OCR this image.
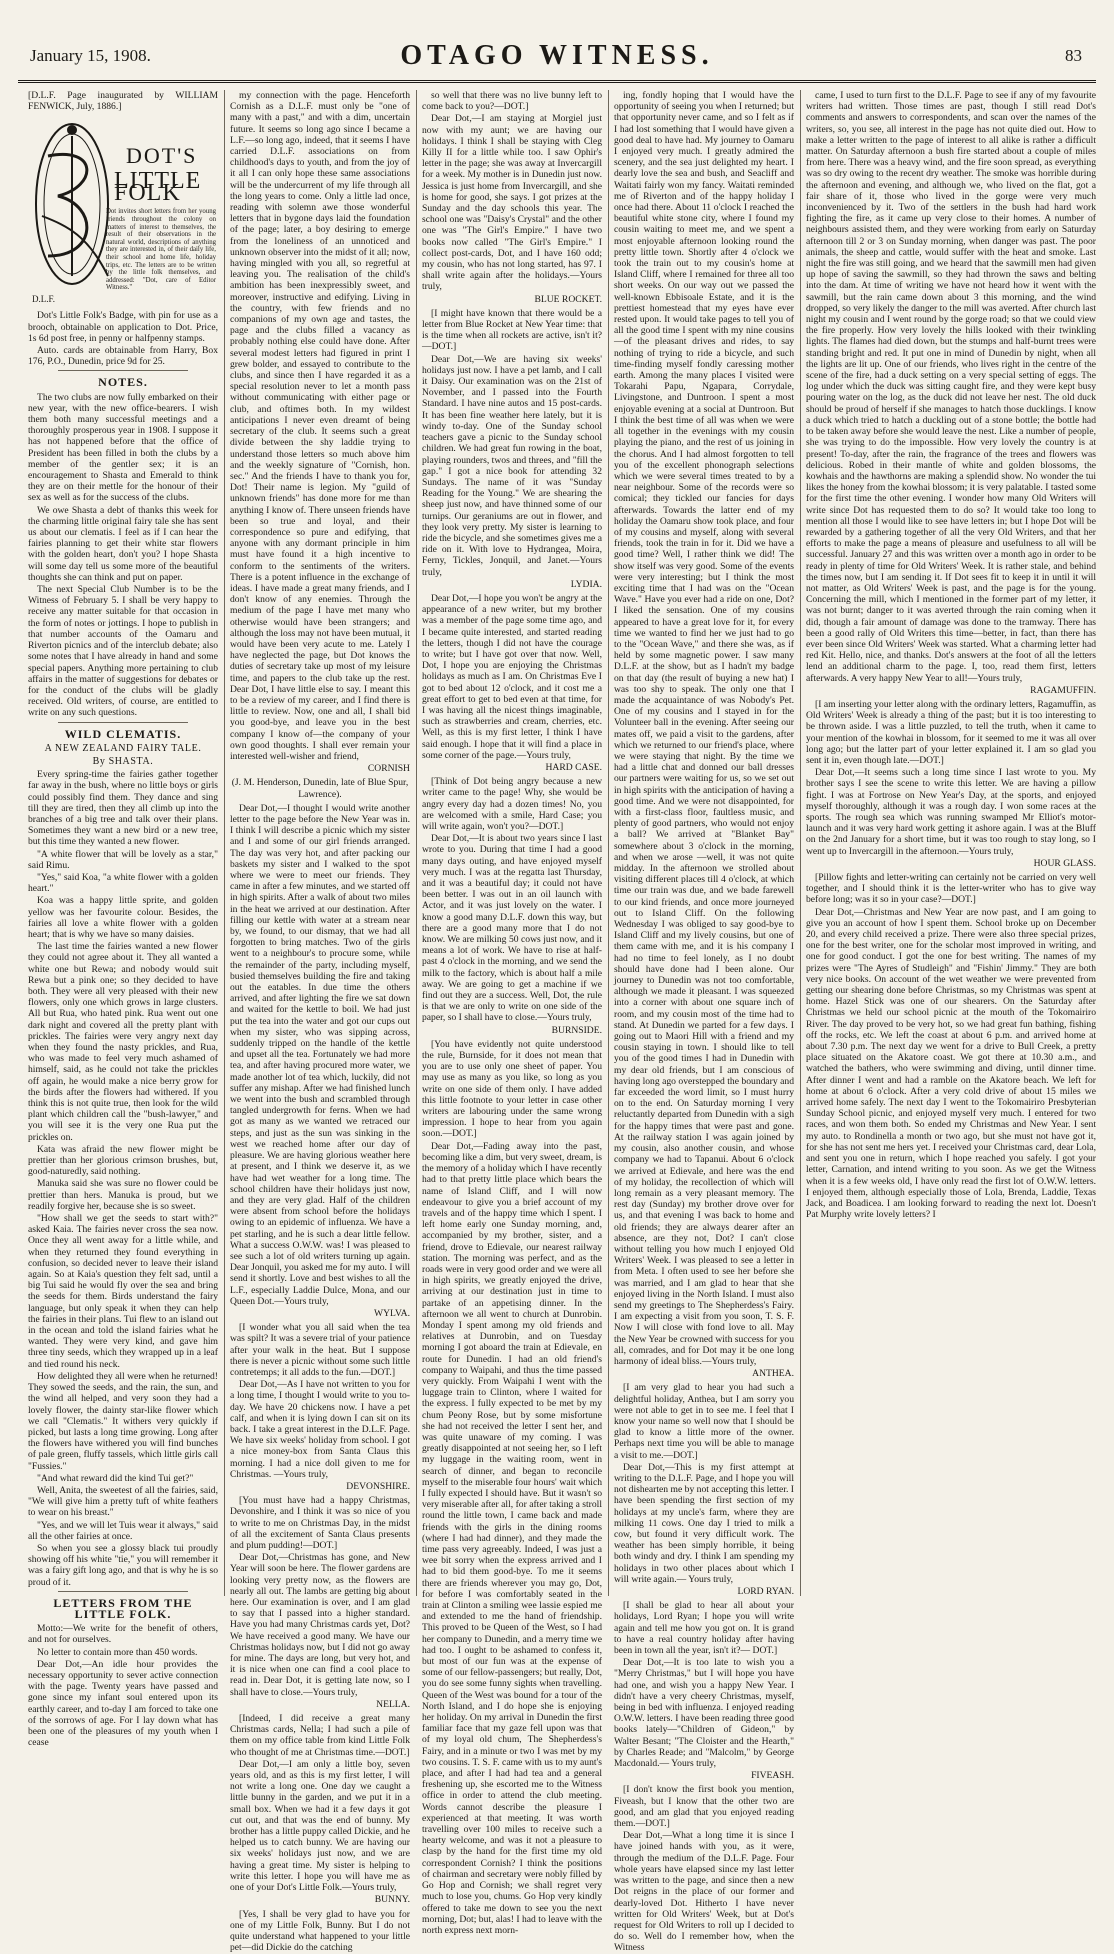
January 15, 1908.	OTAGO WITNESS.	83

[D.L.F. Page inaugurated by WILLIAM FENWICK, July, 1886.]

DOT'S
LITTLE FOLK
Dot invites short letters from her young friends throughout the colony on matters of interest to themselves, the result of their observations in the natural world, descriptions of anything they are interested in, of their daily life, their school and home life, holiday trips, etc. The letters are to be written by the little folk themselves, and addressed: "Dot, care of Editor Witness."
D.L.F.

Dot's Little Folk's Badge, with pin for use as a brooch, obtainable on application to Dot. Price, 1s 6d post free, in penny or halfpenny stamps.

Auto. cards are obtainable from Harry, Box 176, P.O., Dunedin, price 9d for 25.

NOTES.

The two clubs are now fully embarked on their new year, with the new office-bearers. I wish them both many successful meetings and a thoroughly prosperous year in 1908. I suppose it has not happened before that the office of President has been filled in both the clubs by a member of the gentler sex; it is an encouragement to Shasta and Emerald to think they are on their mettle for the honour of their sex as well as for the success of the clubs.

We owe Shasta a debt of thanks this week for the charming little original fairy tale she has sent us about our clematis. I feel as if I can hear the fairies planning to get their white star flowers with the golden heart, don't you? I hope Shasta will some day tell us some more of the beautiful thoughts she can think and put on paper.

The next Special Club Number is to be the Witness of February 5. I shall be very happy to receive any matter suitable for that occasion in the form of notes or jottings. I hope to publish in that number accounts of the Oamaru and Riverton picnics and of the interclub debate; also some notes that I have already in hand and some special papers. Anything more pertaining to club affairs in the matter of suggestions for debates or for the conduct of the clubs will be gladly received. Old writers, of course, are entitled to write on any such questions.

WILD CLEMATIS.
A NEW ZEALAND FAIRY TALE.
By SHASTA.

Every spring-time the fairies gather together far away in the bush, where no little boys or girls could possibly find them. They dance and sing till they are tired, then they all climb up into the branches of a big tree and talk over their plans. Sometimes they want a new bird or a new tree, but this time they wanted a new flower.

"A white flower that will be lovely as a star," said Rimu.

"Yes," said Koa, "a white flower with a golden heart."

Koa was a happy little sprite, and golden yellow was her favourite colour. Besides, the fairies all love a white flower with a golden heart; that is why we have so many daisies.

The last time the fairies wanted a new flower they could not agree about it. They all wanted a white one but Rewa; and nobody would suit Rewa but a pink one; so they decided to have both. They were all very pleased with their new flowers, only one which grows in large clusters. All but Rua, who hated pink. Rua went out one dark night and covered all the pretty plant with prickles. The fairies were very angry next day when they found the nasty prickles, and Rua, who was made to feel very much ashamed of himself, said, as he could not take the prickles off again, he would make a nice berry grow for the birds after the flowers had withered. If you think this is not quite true, then look for the wild plant which children call the "bush-lawyer," and you will see it is the very one Rua put the prickles on.

Kata was afraid the new flower might be prettier than her glorious crimson brushes, but, good-naturedly, said nothing.

Manuka said she was sure no flower could be prettier than hers. Manuka is proud, but we readily forgive her, because she is so sweet.

"How shall we get the seeds to start with?" asked Kaia. The fairies never cross the sea now. Once they all went away for a little while, and when they returned they found everything in confusion, so decided never to leave their island again. So at Kaia's question they felt sad, until a big Tui said he would fly over the sea and bring the seeds for them. Birds understand the fairy language, but only speak it when they can help the fairies in their plans. Tui flew to an island out in the ocean and told the island fairies what he wanted. They were very kind, and gave him three tiny seeds, which they wrapped up in a leaf and tied round his neck.

How delighted they all were when he returned! They sowed the seeds, and the rain, the sun, and the wind all helped, and very soon they had a lovely flower, the dainty star-like flower which we call "Clematis." It withers very quickly if picked, but lasts a long time growing. Long after the flowers have withered you will find bunches of pale green, fluffy tassels, which little girls call "Fussies."

"And what reward did the kind Tui get?"

Well, Anita, the sweetest of all the fairies, said, "We will give him a pretty tuft of white feathers to wear on his breast."

"Yes, and we will let Tuis wear it always," said all the other fairies at once.

So when you see a glossy black tui proudly showing off his white "tie," you will remember it was a fairy gift long ago, and that is why he is so proud of it.

LETTERS FROM THE LITTLE FOLK.

Motto:—We write for the benefit of others, and not for ourselves.

No letter to contain more than 450 words.

Dear Dot,—An idle hour provides the necessary opportunity to sever active connection with the page. Twenty years have passed and gone since my infant soul entered upon its earthly career, and to-day I am forced to take one of the sorrows of age. For I lay down what has been one of the pleasures of my youth when I cease

my connection with the page. Henceforth Cornish as a D.L.F. must only be "one of many with a past," and with a dim, uncertain future. It seems so long ago since I became a L.F.—so long ago, indeed, that it seems I have carried D.L.F. associations on from childhood's days to youth, and from the joy of it all I can only hope these same associations will be the undercurrent of my life through all the long years to come. Only a little lad once, reading with solemn awe those wonderful letters that in bygone days laid the foundation of the page; later, a boy desiring to emerge from the loneliness of an unnoticed and unknown observer into the midst of it all; now, having mingled with you all, so regretful at leaving you. The realisation of the child's ambition has been inexpressibly sweet, and moreover, instructive and edifying. Living in the country, with few friends and no companions of my own age and tastes, the page and the clubs filled a vacancy as probably nothing else could have done. After several modest letters had figured in print I grew bolder, and essayed to contribute to the clubs, and since then I have regarded it as a special resolution never to let a month pass without communicating with either page or club, and oftimes both. In my wildest anticipations I never even dreamt of being secretary of the club. It seems such a great divide between the shy laddie trying to understand those letters so much above him and the weekly signature of "Cornish, hon. sec." And the friends I have to thank you for, Dot! Their name is legion. My "guild of unknown friends" has done more for me than anything I know of. There unseen friends have been so true and loyal, and their correspondence so pure and edifying, that anyone with any dormant principle in him must have found it a high incentive to conform to the sentiments of the writers. There is a potent influence in the exchange of ideas. I have made a great many friends, and I don't know of any enemies. Through the medium of the page I have met many who otherwise would have been strangers; and although the loss may not have been mutual, it would have been very acute to me. Lately I have neglected the page, but Dot knows the duties of secretary take up most of my leisure time, and papers to the club take up the rest. Dear Dot, I have little else to say. I meant this to be a review of my career, and I find there is little to review. Now, one and all, I shall bid you good-bye, and leave you in the best company I know of—the company of your own good thoughts. I shall ever remain your interested well-wisher and friend,

CORNISH
(J. M. Henderson, Dunedin, late of Blue Spur, Lawrence).

Dear Dot,—I thought I would write another letter to the page before the New Year was in. I think I will describe a picnic which my sister and I and some of our girl friends arranged. The day was very hot, and after packing our baskets my sister and I walked to the spot where we were to meet our friends. They came in after a few minutes, and we started off in high spirits. After a walk of about two miles in the heat we arrived at our destination. After filling our kettle with water at a stream near by, we found, to our dismay, that we had all forgotten to bring matches. Two of the girls went to a neighbour's to procure some, while the remainder of the party, including myself, busied themselves building the fire and taking out the eatables. In due time the others arrived, and after lighting the fire we sat down and waited for the kettle to boil. We had just put the tea into the water and got our cups out when my sister, who was sipping across, suddenly tripped on the handle of the kettle and upset all the tea. Fortunately we had more tea, and after having procured more water, we made another lot of tea which, luckily, did not suffer any mishap. After we had finished lunch we went into the bush and scrambled through tangled undergrowth for ferns. When we had got as many as we wanted we retraced our steps, and just as the sun was sinking in the west we reached home after our day of pleasure. We are having glorious weather here at present, and I think we deserve it, as we have had wet weather for a long time. The school children have their holidays just now, and they are very glad. Half of the children were absent from school before the holidays owing to an epidemic of influenza. We have a pet starling, and he is such a dear little fellow. What a success O.W.W. was! I was pleased to see such a lot of old writers turning up again. Dear Jonquil, you asked me for my auto. I will send it shortly. Love and best wishes to all the L.F., especially Laddie Dulce, Mona, and our Queen Dot.—Yours truly,

WYLVA.

[I wonder what you all said when the tea was spilt? It was a severe trial of your patience after your walk in the heat. But I suppose there is never a picnic without some such little contretemps; it all adds to the fun.—DOT.]

Dear Dot,—As I have not written to you for a long time, I thought I would write to you to-day. We have 20 chickens now. I have a pet calf, and when it is lying down I can sit on its back. I take a great interest in the D.L.F. Page. We have six weeks' holiday from school. I got a nice money-box from Santa Claus this morning. I had a nice doll given to me for Christmas. —Yours truly,

DEVONSHIRE.

[You must have had a happy Christmas, Devonshire, and I think it was so nice of you to write to me on Christmas Day, in the midst of all the excitement of Santa Claus presents and plum pudding!—DOT.]

Dear Dot,—Christmas has gone, and New Year will soon be here. The flower gardens are looking very pretty now, as the flowers are nearly all out. The lambs are getting big about here. Our examination is over, and I am glad to say that I passed into a higher standard. Have you had many Christmas cards yet, Dot? We have received a good many. We have our Christmas holidays now, but I did not go away for mine. The days are long, but very hot, and it is nice when one can find a cool place to read in. Dear Dot, it is getting late now, so I shall have to close.—Yours truly,

NELLA.

[Indeed, I did receive a great many Christmas cards, Nella; I had such a pile of them on my office table from kind Little Folk who thought of me at Christmas time.—DOT.]

Dear Dot,—I am only a little boy, seven years old, and as this is my first letter, I will not write a long one. One day we caught a little bunny in the garden, and we put it in a small box. When we had it a few days it got cut out, and that was the end of bunny. My brother has a little puppy called Dickie, and he helped us to catch bunny. We are having our six weeks' holidays just now, and we are having a great time. My sister is helping to write this letter. I hope you will have me as one of your Dot's Little Folk.—Yours truly,

BUNNY.

[Yes, I shall be very glad to have you for one of my Little Folk, Bunny. But I do not quite understand what happened to your little pet—did Dickie do the catching

so well that there was no live bunny left to come back to you?—DOT.]

Dear Dot,—I am staying at Morgiel just now with my aunt; we are having our holidays. I think I shall be staying with Cleg Killy II for a little while too. I saw Ophir's letter in the page; she was away at Invercargill for a week. My mother is in Dunedin just now. Jessica is just home from Invercargill, and she is home for good, she says. I got prizes at the Sunday and the day schools this year. The school one was "Daisy's Crystal" and the other one was "The Girl's Empire." I have two books now called "The Girl's Empire." I collect post-cards, Dot, and I have 160 odd; my cousin, who has not long started, has 97. I shall write again after the holidays.—Yours truly,

BLUE ROCKET.

[I might have known that there would be a letter from Blue Rocket at New Year time: that is the time when all rockets are active, isn't it?—DOT.]

Dear Dot,—We are having six weeks' holidays just now. I have a pet lamb, and I call it Daisy. Our examination was on the 21st of November, and I passed into the Fourth Standard. I have nine autos and 15 post-cards. It has been fine weather here lately, but it is windy to-day. One of the Sunday school teachers gave a picnic to the Sunday school children. We had great fun rowing in the boat, playing rounders, twos and threes, and "fill the gap." I got a nice book for attending 32 Sundays. The name of it was "Sunday Reading for the Young." We are shearing the sheep just now, and have thinned some of our turnips. Our geraniums are out in flower, and they look very pretty. My sister is learning to ride the bicycle, and she sometimes gives me a ride on it. With love to Hydrangea, Moira, Ferny, Tickles, Jonquil, and Janet.—Yours truly,

LYDIA.

Dear Dot,—I hope you won't be angry at the appearance of a new writer, but my brother was a member of the page some time ago, and I became quite interested, and started reading the letters, though I did not have the courage to write; but I have got over that now. Well, Dot, I hope you are enjoying the Christmas holidays as much as I am. On Christmas Eve I got to bed about 12 o'clock, and it cost me a great effort to get to bed even at that time, for I was having all the nicest things imaginable, such as strawberries and cream, cherries, etc. Well, as this is my first letter, I think I have said enough. I hope that it will find a place in some corner of the page.—Yours truly,

HARD CASE.

[Think of Dot being angry because a new writer came to the page! Why, she would be angry every day had a dozen times! No, you are welcomed with a smile, Hard Case; you will write again, won't you?—DOT.]

Dear Dot,—It is about two years since I last wrote to you. During that time I had a good many days outing, and have enjoyed myself very much. I was at the regatta last Thursday, and it was a beautiful day; it could not have been better. I was out in an oil launch with Actor, and it was just lovely on the water. I know a good many D.L.F. down this way, but there are a good many more that I do not know. We are milking 50 cows just now, and it means a lot of work. We have to rise at half-past 4 o'clock in the morning, and we send the milk to the factory, which is about half a mile away. We are going to get a machine if we find out they are a success. Well, Dot, the rule is that we are only to write on one side of the paper, so I shall have to close.—Yours truly,

BURNSIDE.

[You have evidently not quite understood the rule, Burnside, for it does not mean that you are to use only one sheet of paper. You may use as many as you like, so long as you write on one side of them only. I have added this little footnote to your letter in case other writers are labouring under the same wrong impression. I hope to hear from you again soon.—DOT.]

Dear Dot,—Fading away into the past, becoming like a dim, but very sweet, dream, is the memory of a holiday which I have recently had to that pretty little place which bears the name of Island Cliff, and I will now endeavour to give you a brief account of my travels and of the happy time which I spent. I left home early one Sunday morning, and, accompanied by my brother, sister, and a friend, drove to Edievale, our nearest railway station. The morning was perfect, and as the roads were in very good order and we were all in high spirits, we greatly enjoyed the drive, arriving at our destination just in time to partake of an appetising dinner. In the afternoon we all went to church at Dunrobin. Monday I spent among my old friends and relatives at Dunrobin, and on Tuesday morning I got aboard the train at Edievale, en route for Dunedin. I had an old friend's company to Waipahi, and thus the time passed very quickly. From Waipahi I went with the luggage train to Clinton, where I waited for the express. I fully expected to be met by my chum Peony Rose, but by some misfortune she had not received the letter I sent her, and was quite unaware of my coming. I was greatly disappointed at not seeing her, so I left my luggage in the waiting room, went in search of dinner, and began to reconcile myself to the miserable four hours' wait which I fully expected I should have. But it wasn't so very miserable after all, for after taking a stroll round the little town, I came back and made friends with the girls in the dining rooms (where I had had dinner), and they made the time pass very agreeably. Indeed, I was just a wee bit sorry when the express arrived and I had to bid them good-bye. To me it seems there are friends wherever you may go, Dot, for before I was comfortably seated in the train at Clinton a smiling wee lassie espied me and extended to me the hand of friendship. This proved to be Queen of the West, so I had her company to Dunedin, and a merry time we had too. I ought to be ashamed to confess it, but most of our fun was at the expense of some of our fellow-passengers; but really, Dot, you do see some funny sights when travelling. Queen of the West was bound for a tour of the North Island, and I do hope she is enjoying her holiday. On my arrival in Dunedin the first familiar face that my gaze fell upon was that of my loyal old chum, The Shepherdess's Fairy, and in a minute or two I was met by my two cousins. T. S. F. came with us to my aunt's place, and after I had had tea and a general freshening up, she escorted me to the Witness office in order to attend the club meeting. Words cannot describe the pleasure I experienced at that meeting. It was worth travelling over 100 miles to receive such a hearty welcome, and was it not a pleasure to clasp by the hand for the first time my old correspondent Cornish? I think the positions of chairman and secretary were nobly filled by Go Hop and Cornish; we shall regret very much to lose you, chums. Go Hop very kindly offered to take me down to see you the next morning, Dot; but, alas! I had to leave with the north express next morn-

ing, fondly hoping that I would have the opportunity of seeing you when I returned; but that opportunity never came, and so I felt as if I had lost something that I would have given a good deal to have had. My journey to Oamaru I enjoyed very much. I greatly admired the scenery, and the sea just delighted my heart. I dearly love the sea and bush, and Seacliff and Waitati fairly won my fancy. Waitati reminded me of Riverton and of the happy holiday I once had there. About 11 o'clock I reached the beautiful white stone city, where I found my cousin waiting to meet me, and we spent a most enjoyable afternoon looking round the pretty little town. Shortly after 4 o'clock we took the train out to my cousin's home at Island Cliff, where I remained for three all too short weeks. On our way out we passed the well-known Ebbisoale Estate, and it is the prettiest homestead that my eyes have ever rested upon. It would take pages to tell you of all the good time I spent with my nine cousins—of the pleasant drives and rides, to say nothing of trying to ride a bicycle, and such time-finding myself fondly caressing mother earth. Among the many places I visited were Tokarahi Papu, Ngapara, Corrydale, Livingstone, and Duntroon. I spent a most enjoyable evening at a social at Duntroon. But I think the best time of all was when we were all together in the evenings with my cousin playing the piano, and the rest of us joining in the chorus. And I had almost forgotten to tell you of the excellent phonograph selections which we were several times treated to by a near neighbour. Some of the records were so comical; they tickled our fancies for days afterwards. Towards the latter end of my holiday the Oamaru show took place, and four of my cousins and myself, along with several friends, took the train in for it. Did we have a good time? Well, I rather think we did! The show itself was very good. Some of the events were very interesting; but I think the most exciting time that I had was on the "Ocean Wave." Have you ever had a ride on one, Dot? I liked the sensation. One of my cousins appeared to have a great love for it, for every time we wanted to find her we just had to go to the "Ocean Wave," and there she was, as if held by some magnetic power. I saw many D.L.F. at the show, but as I hadn't my badge on that day (the result of buying a new hat) I was too shy to speak. The only one that I made the acquaintance of was Nobody's Pet. One of my cousins and I stayed in for the Volunteer ball in the evening. After seeing our mates off, we paid a visit to the gardens, after which we returned to our friend's place, where we were staying that night. By the time we had a little chat and donned our ball dresses our partners were waiting for us, so we set out in high spirits with the anticipation of having a good time. And we were not disappointed, for with a first-class floor, faultless music, and plenty of good partners, who would not enjoy a ball? We arrived at "Blanket Bay" somewhere about 3 o'clock in the morning, and when we arose —well, it was not quite midday. In the afternoon we strolled about visiting different places till 4 o'clock, at which time our train was due, and we bade farewell to our kind friends, and once more journeyed out to Island Cliff. On the following Wednesday I was obliged to say good-bye to Island Cliff and my lively cousins, but one of them came with me, and it is his company I had no time to feel lonely, as I no doubt should have done had I been alone. Our journey to Dunedin was not too comfortable, although we made it pleasant. I was squeezed into a corner with about one square inch of room, and my cousin most of the time had to stand. At Dunedin we parted for a few days. I going out to Maori Hill with a friend and my cousin staying in town. I should like to tell you of the good times I had in Dunedin with my dear old friends, but I am conscious of having long ago overstepped the boundary and far exceeded the word limit, so I must hurry on to the end. On Saturday morning I very reluctantly departed from Dunedin with a sigh for the happy times that were past and gone. At the railway station I was again joined by my cousin, also another cousin, and whose company we had to Tapanui. About 6 o'clock we arrived at Edievale, and here was the end of my holiday, the recollection of which will long remain as a very pleasant memory. The rest day (Sunday) my brother drove over for us, and that evening I was back to home and old friends; they are always dearer after an absence, are they not, Dot? I can't close without telling you how much I enjoyed Old Writers' Week. I was pleased to see a letter in from Meta. I often used to see her before she was married, and I am glad to hear that she enjoyed living in the North Island. I must also send my greetings to The Shepherdess's Fairy. I am expecting a visit from you soon, T. S. F. Now I will close with fond love to all. May the New Year be crowned with success for you all, comrades, and for Dot may it be one long harmony of ideal bliss.—Yours truly,

ANTHEA.

[I am very glad to hear you had such a delightful holiday, Anthea, but I am sorry you were not able to get in to see me. I feel that I know your name so well now that I should be glad to know a little more of the owner. Perhaps next time you will be able to manage a visit to me.—DOT.]

Dear Dot,—This is my first attempt at writing to the D.L.F. Page, and I hope you will not dishearten me by not accepting this letter. I have been spending the first section of my holidays at my uncle's farm, where they are milking 11 cows. One day I tried to milk a cow, but found it very difficult work. The weather has been simply horrible, it being both windy and dry. I think I am spending my holidays in two other places about which I will write again.— Yours truly,

LORD RYAN.

[I shall be glad to hear all about your holidays, Lord Ryan; I hope you will write again and tell me how you got on. It is grand to have a real country holiday after having been in town all the year, isn't it?— DOT.]

Dear Dot,—It is too late to wish you a "Merry Christmas," but I will hope you have had one, and wish you a happy New Year. I didn't have a very cheery Christmas, myself, being in bed with influenza. I enjoyed reading O.W.W. letters. I have been reading three good books lately—"Children of Gideon," by Walter Besant; "The Cloister and the Hearth," by Charles Reade; and "Malcolm," by George Macdonald.— Yours truly,

FIVEASH.

[I don't know the first book you mention, Fiveash, but I know that the other two are good, and am glad that you enjoyed reading them.—DOT.]

Dear Dot,—What a long time it is since I have joined hands with you, as it were, through the medium of the D.L.F. Page. Four whole years have elapsed since my last letter was written to the page, and since then a new Dot reigns in the place of our former and dearly-loved Dot. Hitherto I have never written for Old Writers' Week, but at Dot's request for Old Writers to roll up I decided to do so. Well do I remember how, when the Witness

came, I used to turn first to the D.L.F. Page to see if any of my favourite writers had written. Those times are past, though I still read Dot's comments and answers to correspondents, and scan over the names of the writers, so, you see, all interest in the page has not quite died out. How to make a letter written to the page of interest to all alike is rather a difficult matter. On Saturday afternoon a bush fire started about a couple of miles from here. There was a heavy wind, and the fire soon spread, as everything was so dry owing to the recent dry weather. The smoke was horrible during the afternoon and evening, and although we, who lived on the flat, got a fair share of it, those who lived in the gorge were very much inconvenienced by it. Two of the settlers in the bush had hard work fighting the fire, as it came up very close to their homes. A number of neighbours assisted them, and they were working from early on Saturday afternoon till 2 or 3 on Sunday morning, when danger was past. The poor animals, the sheep and cattle, would suffer with the heat and smoke. Last night the fire was still going, and we heard that the sawmill men had given up hope of saving the sawmill, so they had thrown the saws and belting into the dam. At time of writing we have not heard how it went with the sawmill, but the rain came down about 3 this morning, and the wind dropped, so very likely the danger to the mill was averted. After church last night my cousin and I went round by the gorge road; so that we could view the fire properly. How very lovely the hills looked with their twinkling lights. The flames had died down, but the stumps and half-burnt trees were standing bright and red. It put one in mind of Dunedin by night, when all the lights are lit up. One of our friends, who lives right in the centre of the scene of the fire, had a duck setting on a very special setting of eggs. The log under which the duck was sitting caught fire, and they were kept busy pouring water on the log, as the duck did not leave her nest. The old duck should be proud of herself if she manages to hatch those ducklings. I know a duck which tried to hatch a duckling out of a stone bottle; the bottle had to be taken away before she would leave the nest. Like a number of people, she was trying to do the impossible. How very lovely the country is at present! To-day, after the rain, the fragrance of the trees and flowers was delicious. Robed in their mantle of white and golden blossoms, the kowhais and the hawthorns are making a splendid show. No wonder the tui likes the honey from the kowhai blossom; it is very palatable. I tasted some for the first time the other evening. I wonder how many Old Writers will write since Dot has requested them to do so? It would take too long to mention all those I would like to see have letters in; but I hope Dot will be rewarded by a gathering together of all the very Old Writers, and that her efforts to make the page a means of pleasure and usefulness to all will be successful. January 27 and this was written over a month ago in order to be ready in plenty of time for Old Writers' Week. It is rather stale, and behind the times now, but I am sending it. If Dot sees fit to keep it in until it will not matter, as Old Writers' Week is past, and the page is for the young. Concerning the mill, which I mentioned in the former part of my letter, it was not burnt; danger to it was averted through the rain coming when it did, though a fair amount of damage was done to the tramway. There has been a good rally of Old Writers this time—better, in fact, than there has ever been since Old Writers' Week was started. What a charming letter had red Kit. Hello, nice, and thanks. Dot's answers at the foot of all the letters lend an additional charm to the page. I, too, read them first, letters afterwards. A very happy New Year to all!—Yours truly,

RAGAMUFFIN.

[I am inserting your letter along with the ordinary letters, Ragamuffin, as Old Writers' Week is already a thing of the past; but it is too interesting to be thrown aside. I was a little puzzled, to tell the truth, when it came to your mention of the kowhai in blossom, for it seemed to me it was all over long ago; but the latter part of your letter explained it. I am so glad you sent it in, even though late.—DOT.]

Dear Dot,—It seems such a long time since I last wrote to you. My brother says I see the scene to write this letter. We are having a pillow fight. I was at Fortrose on New Year's Day, at the sports, and enjoyed myself thoroughly, although it was a rough day. I won some races at the sports. The rough sea which was running swamped Mr Elliot's motor-launch and it was very hard work getting it ashore again. I was at the Bluff on the 2nd January for a short time, but it was too rough to stay long, so I went up to Invercargill in the afternoon.—Yours truly,

HOUR GLASS.

[Pillow fights and letter-writing can certainly not be carried on very well together, and I should think it is the letter-writer who has to give way before long; was it so in your case?—DOT.]

Dear Dot,—Christmas and New Year are now past, and I am going to give you an account of how I spent them. School broke up on December 20, and every child received a prize. There were also three special prizes, one for the best writer, one for the scholar most improved in writing, and one for good conduct. I got the one for best writing. The names of my prizes were "The Ayres of Studleigh" and "Fishin' Jimmy." They are both very nice books. On account of the wet weather we were prevented from getting our shearing done before Christmas, so my Christmas was spent at home. Hazel Stick was one of our shearers. On the Saturday after Christmas we held our school picnic at the mouth of the Tokomairiro River. The day proved to be very hot, so we had great fun bathing, fishing off the rocks, etc. We left the coast at about 6 p.m. and arrived home at about 7.30 p.m. The next day we went for a drive to Bull Creek, a pretty place situated on the Akatore coast. We got there at 10.30 a.m., and watched the bathers, who were swimming and diving, until dinner time. After dinner I went and had a ramble on the Akatore beach. We left for home at about 6 o'clock. After a very cold drive of about 15 miles we arrived home safely. The next day I went to the Tokomairiro Presbyterian Sunday School picnic, and enjoyed myself very much. I entered for two races, and won them both. So ended my Christmas and New Year. I sent my auto. to Rondinella a month or two ago, but she must not have got it, for she has not sent me hers yet. I received your Christmas card, dear Lola, and sent you one in return, which I hope reached you safely. I got your letter, Carnation, and intend writing to you soon. As we get the Witness when it is a few weeks old, I have only read the first lot of O.W.W. letters. I enjoyed them, although especially those of Lola, Brenda, Laddie, Texas Jack, and Boadicea. I am looking forward to reading the next lot. Doesn't Pat Murphy write lovely letters? I
